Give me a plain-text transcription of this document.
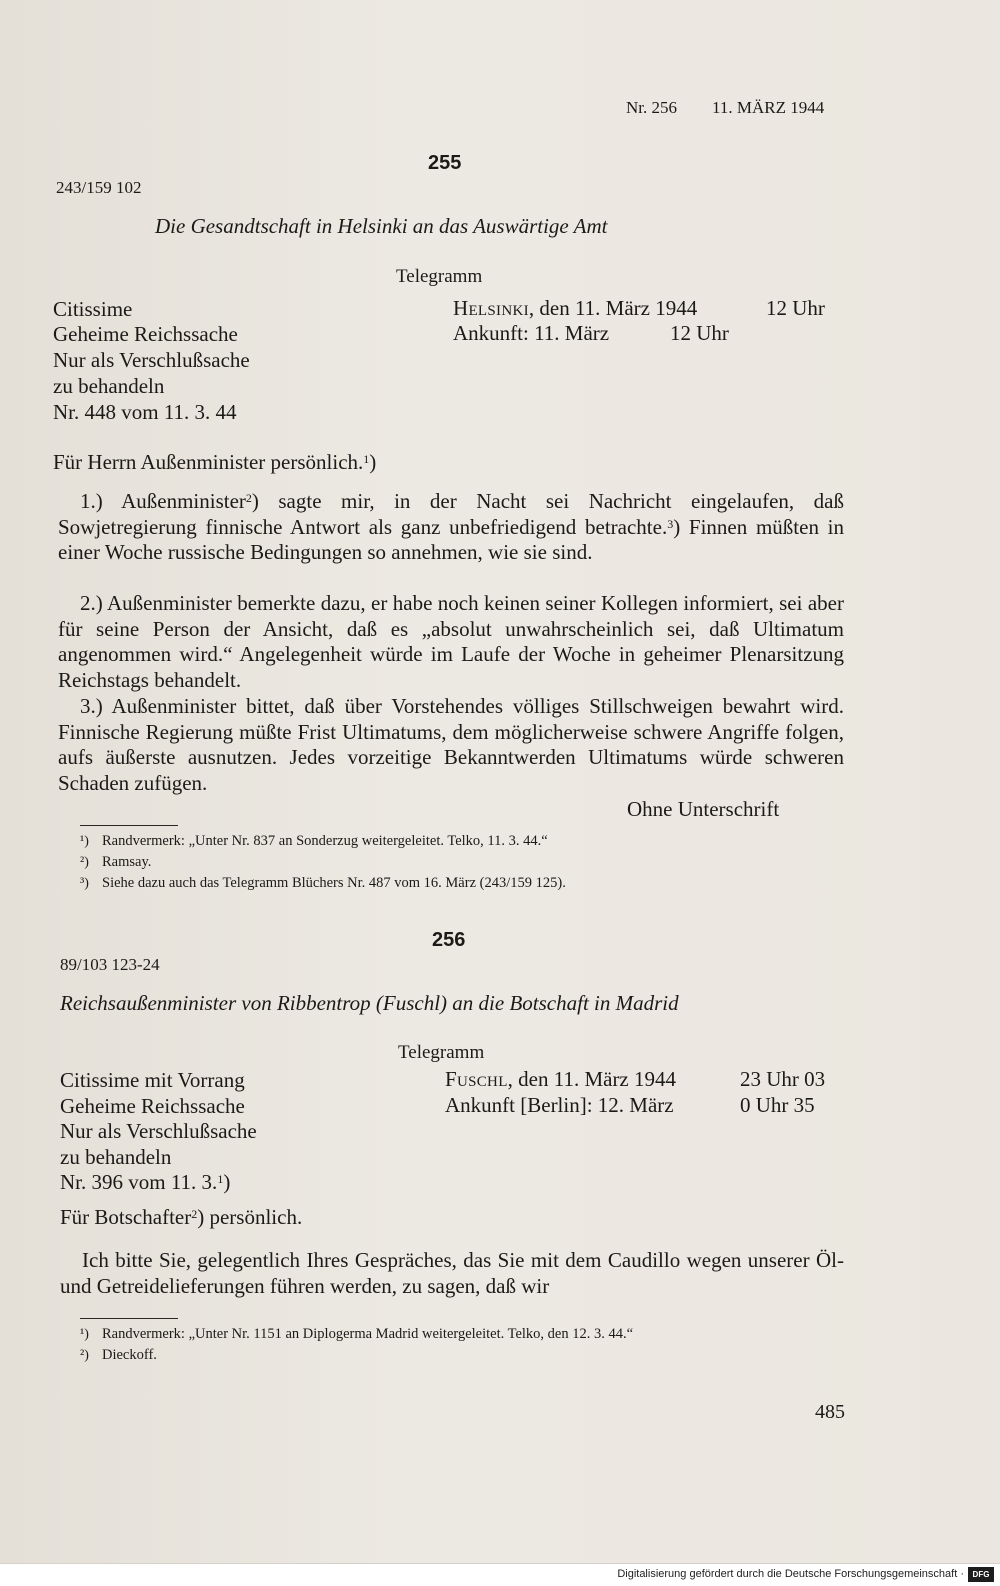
Nr. 256 11. MÄRZ 1944
255
243/159 102
Die Gesandtschaft in Helsinki an das Auswärtige Amt
Telegramm
Citissime
Geheime Reichssache
Nur als Verschlußsache
zu behandeln
Nr. 448 vom 11. 3. 44
Helsinki, den 11. März 1944	12 Uhr
Ankunft: 11. März	12 Uhr
Für Herrn Außenminister persönlich.$^1$)
1.) Außenminister$^2$) sagte mir, in der Nacht sei Nachricht eingelaufen, daß Sowjetregierung finnische Antwort als ganz unbefriedigend betrachte.$^3$) Finnen müßten in einer Woche russische Bedingungen so annehmen, wie sie sind.
2.) Außenminister bemerkte dazu, er habe noch keinen seiner Kollegen informiert, sei aber für seine Person der Ansicht, daß es „absolut unwahrscheinlich sei, daß Ultimatum angenommen wird.“ Angelegenheit würde im Laufe der Woche in geheimer Plenarsitzung Reichstags behandelt.
3.) Außenminister bittet, daß über Vorstehendes völliges Stillschweigen bewahrt wird. Finnische Regierung müßte Frist Ultimatums, dem möglicherweise schwere Angriffe folgen, aufs äußerste ausnutzen. Jedes vorzeitige Bekanntwerden Ultimatums würde schweren Schaden zufügen.
Ohne Unterschrift
¹) Randvermerk: „Unter Nr. 837 an Sonderzug weitergeleitet. Telko, 11. 3. 44.“
²) Ramsay.
³) Siehe dazu auch das Telegramm Blüchers Nr. 487 vom 16. März (243/159 125).
256
89/103 123-24
Reichsaußenminister von Ribbentrop (Fuschl) an die Botschaft in Madrid
Telegramm
Citissime mit Vorrang
Geheime Reichssache
Nur als Verschlußsache
zu behandeln
Nr. 396 vom 11. 3.$^1$)
Fuschl, den 11. März 1944	23 Uhr 03
Ankunft [Berlin]: 12. März	0 Uhr 35
Für Botschafter$^2$) persönlich.
Ich bitte Sie, gelegentlich Ihres Gespräches, das Sie mit dem Caudillo wegen unserer Öl- und Getreidelieferungen führen werden, zu sagen, daß wir
¹) Randvermerk: „Unter Nr. 1151 an Diplogerma Madrid weitergeleitet. Telko, den 12. 3. 44.“
²) Dieckoff.
485
Digitalisierung gefördert durch die Deutsche Forschungsgemeinschaft ·	DFG
